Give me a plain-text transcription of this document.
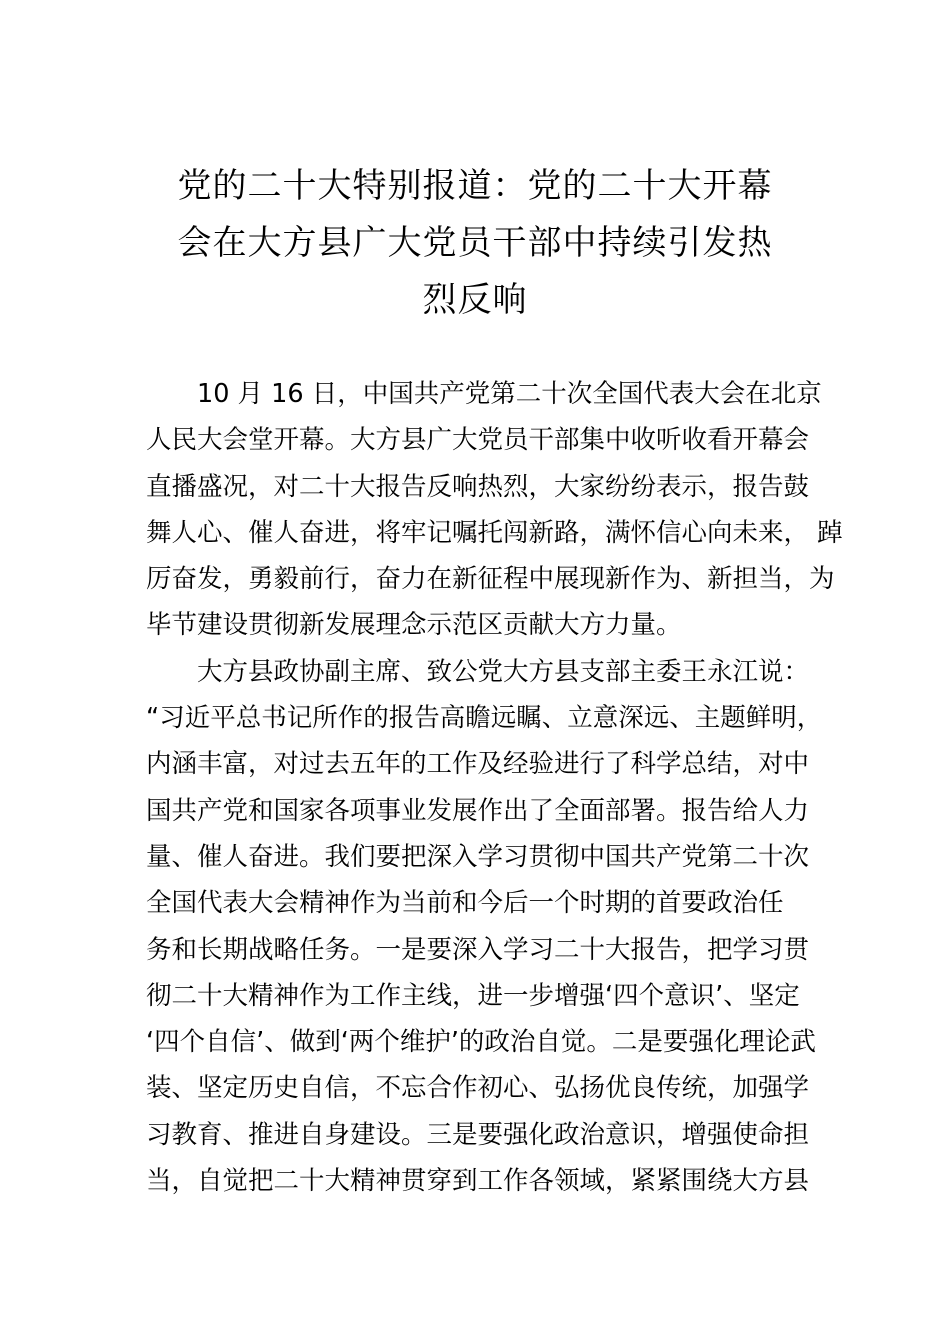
党的二十大特别报道：党的二十大开幕
会在大方县广大党员干部中持续引发热
烈反响
10 月 16 日，中国共产党第二十次全国代表大会在北京
人民大会堂开幕。大方县广大党员干部集中收听收看开幕会
直播盛况，对二十大报告反响热烈，大家纷纷表示，报告鼓
舞人心、催人奋进，将牢记嘱托闯新路，满怀信心向未来， 踔
厉奋发，勇毅前行，奋力在新征程中展现新作为、新担当，为
毕节建设贯彻新发展理念示范区贡献大方力量。
大方县政协副主席、致公党大方县支部主委王永江说：
“习近平总书记所作的报告高瞻远瞩、立意深远、主题鲜明，
内涵丰富，对过去五年的工作及经验进行了科学总结，对中
国共产党和国家各项事业发展作出了全面部署。报告给人力
量、催人奋进。我们要把深入学习贯彻中国共产党第二十次
全国代表大会精神作为当前和今后一个时期的首要政治任
务和长期战略任务。一是要深入学习二十大报告，把学习贯
彻二十大精神作为工作主线，进一步增强‘四个意识’、坚定
‘四个自信’、做到‘两个维护’的政治自觉。二是要强化理论武
装、坚定历史自信，不忘合作初心、弘扬优良传统，加强学
习教育、推进自身建设。三是要强化政治意识，增强使命担
当，自觉把二十大精神贯穿到工作各领域，紧紧围绕大方县
